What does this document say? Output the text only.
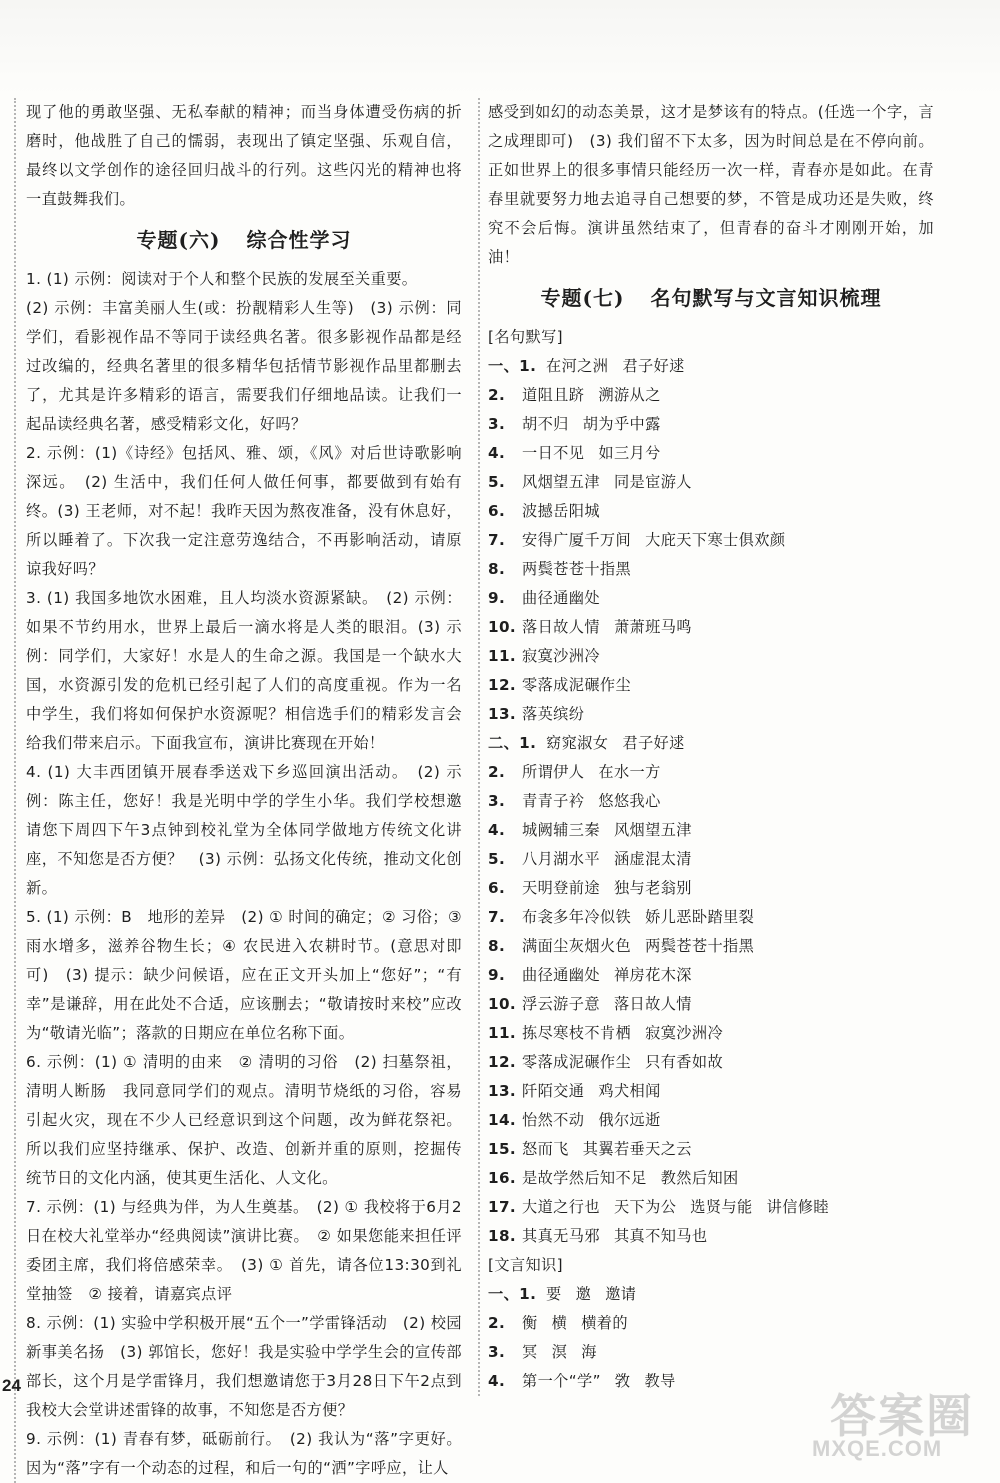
现了他的勇敢坚强、无私奉献的精神；而当身体遭受伤病的折磨时，他战胜了自己的懦弱，表现出了镇定坚强、乐观自信，最终以文学创作的途径回归战斗的行列。这些闪光的精神也将一直鼓舞我们。

专题(六) 综合性学习

1. (1) 示例：阅读对于个人和整个民族的发展至关重要。

(2) 示例：丰富美丽人生(或：扮靓精彩人生等)　(3) 示例：同学们，看影视作品不等同于读经典名著。很多影视作品都是经过改编的，经典名著里的很多精华包括情节影视作品里都删去了，尤其是许多精彩的语言，需要我们仔细地品读。让我们一起品读经典名著，感受精彩文化，好吗？

2. 示例：(1)《诗经》包括风、雅、颂，《风》对后世诗歌影响深远。　(2) 生活中，我们任何人做任何事，都要做到有始有终。(3) 王老师，对不起！我昨天因为熬夜准备，没有休息好，所以睡着了。下次我一定注意劳逸结合，不再影响活动，请原谅我好吗？

3. (1) 我国多地饮水困难，且人均淡水资源紧缺。　(2) 示例：如果不节约用水，世界上最后一滴水将是人类的眼泪。(3) 示例：同学们，大家好！水是人的生命之源。我国是一个缺水大国，水资源引发的危机已经引起了人们的高度重视。作为一名中学生，我们将如何保护水资源呢？相信选手们的精彩发言会给我们带来启示。下面我宣布，演讲比赛现在开始！

4. (1) 大丰西团镇开展春季送戏下乡巡回演出活动。　(2) 示例：陈主任，您好！我是光明中学的学生小华。我们学校想邀请您下周四下午3点钟到校礼堂为全体同学做地方传统文化讲座，不知您是否方便？　(3) 示例：弘扬文化传统，推动文化创新。

5. (1) 示例：B　地形的差异　(2) ① 时间的确定；② 习俗；③ 雨水增多，滋养谷物生长；④ 农民进入农耕时节。(意思对即可)　(3) 提示：缺少问候语，应在正文开头加上“您好”；“有幸”是谦辞，用在此处不合适，应该删去；“敬请按时来校”应改为“敬请光临”；落款的日期应在单位名称下面。

6. 示例：(1) ① 清明的由来　② 清明的习俗　(2) 扫墓祭祖，清明人断肠　我同意同学们的观点。清明节烧纸的习俗，容易引起火灾，现在不少人已经意识到这个问题，改为鲜花祭祀。所以我们应坚持继承、保护、改造、创新并重的原则，挖掘传统节日的文化内涵，使其更生活化、人文化。

7. 示例：(1) 与经典为伴，为人生奠基。　(2) ① 我校将于6月2日在校大礼堂举办“经典阅读”演讲比赛。　② 如果您能来担任评委团主席，我们将倍感荣幸。　(3) ① 首先，请各位13:30到礼堂抽签　② 接着，请嘉宾点评

8. 示例：(1) 实验中学积极开展“五个一”学雷锋活动　(2) 校园新事美名扬　(3) 郭馆长，您好！我是实验中学学生会的宣传部部长，这个月是学雷锋月，我们想邀请您于3月28日下午2点到我校大会堂讲述雷锋的故事，不知您是否方便？

9. 示例：(1) 青春有梦，砥砺前行。　(2) 我认为“落”字更好。因为“落”字有一个动态的过程，和后一句的“洒”字呼应，让人

感受到如幻的动态美景，这才是梦该有的特点。(任选一个字，言之成理即可)　(3) 我们留不下太多，因为时间总是在不停向前。正如世界上的很多事情只能经历一次一样，青春亦是如此。在青春里就要努力地去追寻自己想要的梦，不管是成功还是失败，终究不会后悔。演讲虽然结束了，但青春的奋斗才刚刚开始，加油！

专题(七) 名句默写与文言知识梳理

[名句默写]

一、1. 在河之洲 君子好逑

2. 道阻且跻 溯游从之

3. 胡不归 胡为乎中露

4. 一日不见 如三月兮

5. 风烟望五津 同是宦游人

6. 波撼岳阳城

7. 安得广厦千万间 大庇天下寒士俱欢颜

8. 两鬓苍苍十指黑

9. 曲径通幽处

10. 落日故人情 萧萧班马鸣

11. 寂寞沙洲冷

12. 零落成泥碾作尘

13. 落英缤纷

二、1. 窈窕淑女 君子好逑

2. 所谓伊人 在水一方

3. 青青子衿 悠悠我心

4. 城阙辅三秦 风烟望五津

5. 八月湖水平 涵虚混太清

6. 天明登前途 独与老翁别

7. 布衾多年冷似铁 娇儿恶卧踏里裂

8. 满面尘灰烟火色 两鬓苍苍十指黑

9. 曲径通幽处 禅房花木深

10. 浮云游子意 落日故人情

11. 拣尽寒枝不肯栖 寂寞沙洲冷

12. 零落成泥碾作尘 只有香如故

13. 阡陌交通 鸡犬相闻

14. 怡然不动 俄尔远逝

15. 怒而飞 其翼若垂天之云

16. 是故学然后知不足 教然后知困

17. 大道之行也 天下为公 选贤与能 讲信修睦

18. 其真无马邪 其真不知马也

[文言知识]

一、1. 要 邀 邀请

2. 衡 横 横着的

3. 冥 溟 海

4. 第一个“学” 敩 教导

24
答案圈
MXQE.COM
